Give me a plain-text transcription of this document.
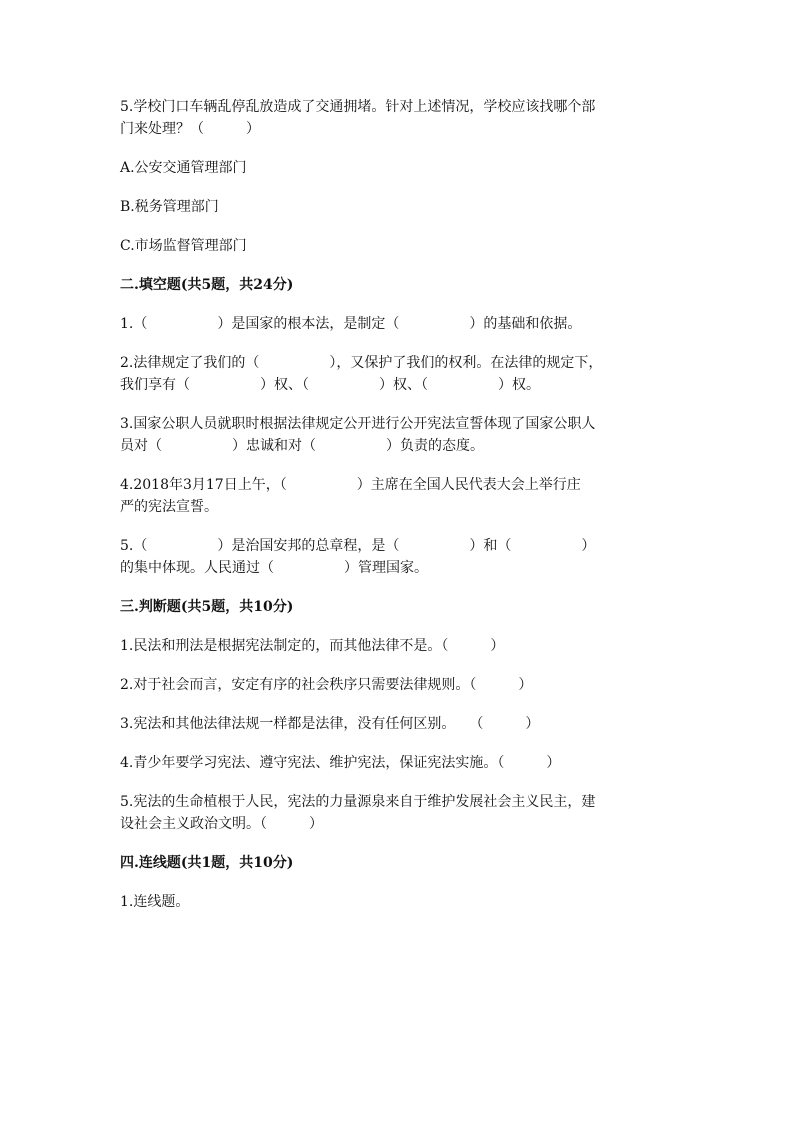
5.学校门口车辆乱停乱放造成了交通拥堵。针对上述情况，学校应该找哪个部
门来处理？（　　　）
A.公安交通管理部门
B.税务管理部门
C.市场监督管理部门
二.填空题(共5题，共24分)
1.（　　　　　）是国家的根本法，是制定（　　　　　）的基础和依据。
2.法律规定了我们的（　　　　　），又保护了我们的权利。在法律的规定下，
我们享有（　　　　　）权、（　　　　　）权、（　　　　　）权。
3.国家公职人员就职时根据法律规定公开进行公开宪法宣誓体现了国家公职人
员对（　　　　　）忠诚和对（　　　　　）负责的态度。
4.2018年3月17日上午，（　　　　　）主席在全国人民代表大会上举行庄
严的宪法宣誓。
5.（　　　　　）是治国安邦的总章程，是（　　　　　）和（　　　　　）
的集中体现。人民通过（　　　　　）管理国家。
三.判断题(共5题，共10分)
1.民法和刑法是根据宪法制定的，而其他法律不是。（　　　）
2.对于社会而言，安定有序的社会秩序只需要法律规则。（　　　）
3.宪法和其他法律法规一样都是法律，没有任何区别。　　（　　　）
4.青少年要学习宪法、遵守宪法、维护宪法，保证宪法实施。（　　　）
5.宪法的生命植根于人民，宪法的力量源泉来自于维护发展社会主义民主，建
设社会主义政治文明。（　　　）
四.连线题(共1题，共10分)
1.连线题。
